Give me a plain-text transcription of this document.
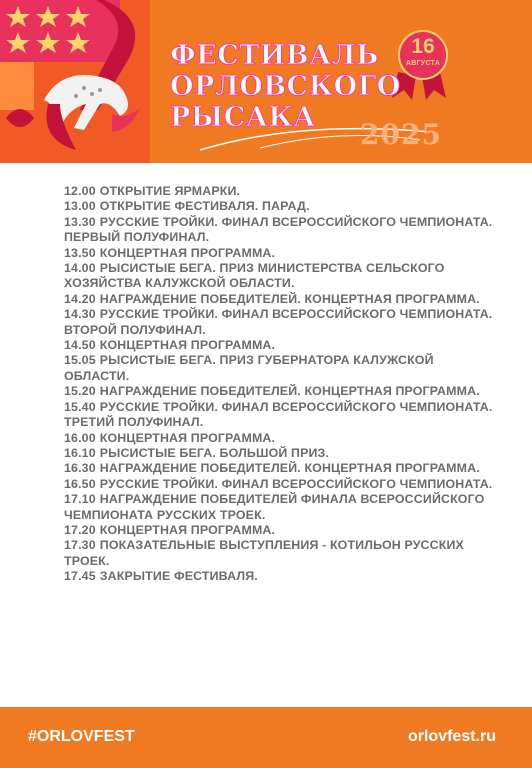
ФЕСТИВАЛЬ
ОРЛОВСКОГО
РЫСАКА
2025
16
АВГУСТА
12.00 ОТКРЫТИЕ ЯРМАРКИ.
13.00 ОТКРЫТИЕ ФЕСТИВАЛЯ. ПАРАД.
13.30 РУССКИЕ ТРОЙКИ. ФИНАЛ ВСЕРОССИЙСКОГО ЧЕМПИОНАТА. ПЕРВЫЙ ПОЛУФИНАЛ.
13.50 КОНЦЕРТНАЯ ПРОГРАММА.
14.00 РЫСИСТЫЕ БЕГА. ПРИЗ МИНИСТЕРСТВА СЕЛЬСКОГО ХОЗЯЙСТВА КАЛУЖСКОЙ ОБЛАСТИ.
14.20 НАГРАЖДЕНИЕ ПОБЕДИТЕЛЕЙ. КОНЦЕРТНАЯ ПРОГРАММА.
14.30 РУССКИЕ ТРОЙКИ. ФИНАЛ ВСЕРОССИЙСКОГО ЧЕМПИОНАТА. ВТОРОЙ ПОЛУФИНАЛ.
14.50 КОНЦЕРТНАЯ ПРОГРАММА.
15.05 РЫСИСТЫЕ БЕГА. ПРИЗ ГУБЕРНАТОРА КАЛУЖСКОЙ ОБЛАСТИ.
15.20 НАГРАЖДЕНИЕ ПОБЕДИТЕЛЕЙ. КОНЦЕРТНАЯ ПРОГРАММА.
15.40 РУССКИЕ ТРОЙКИ. ФИНАЛ ВСЕРОССИЙСКОГО ЧЕМПИОНАТА. ТРЕТИЙ ПОЛУФИНАЛ.
16.00 КОНЦЕРТНАЯ ПРОГРАММА.
16.10 РЫСИСТЫЕ БЕГА. БОЛЬШОЙ ПРИЗ.
16.30 НАГРАЖДЕНИЕ ПОБЕДИТЕЛЕЙ. КОНЦЕРТНАЯ ПРОГРАММА.
16.50 РУССКИЕ ТРОЙКИ. ФИНАЛ ВСЕРОССИЙСКОГО ЧЕМПИОНАТА.
17.10 НАГРАЖДЕНИЕ ПОБЕДИТЕЛЕЙ ФИНАЛА ВСЕРОССИЙСКОГО ЧЕМПИОНАТА РУССКИХ ТРОЕК.
17.20 КОНЦЕРТНАЯ ПРОГРАММА.
17.30 ПОКАЗАТЕЛЬНЫЕ ВЫСТУПЛЕНИЯ - КОТИЛЬОН РУССКИХ ТРОЕК.
17.45 ЗАКРЫТИЕ ФЕСТИВАЛЯ.
#ORLOVFEST	orlovfest.ru
